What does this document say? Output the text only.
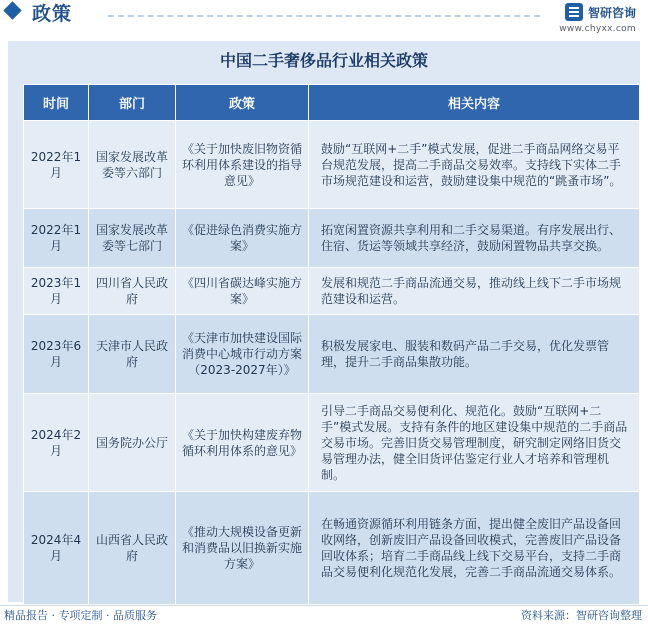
政策	智研咨询
www.chyxx.com
中国二手奢侈品行业相关政策
时间	部门	政策	相关内容
2022年1月	国家发展改革委等六部门	《关于加快废旧物资循环利用体系建设的指导意见》	鼓励“互联网+二手”模式发展，促进二手商品网络交易平台规范发展，提高二手商品交易效率。支持线下实体二手市场规范建设和运营，鼓励建设集中规范的“跳蚤市场”。
2022年1月	国家发展改革委等七部门	《促进绿色消费实施方案》	拓宽闲置资源共享利用和二手交易渠道。有序发展出行、住宿、货运等领域共享经济，鼓励闲置物品共享交换。
2023年1月	四川省人民政府	《四川省碳达峰实施方案》	发展和规范二手商品流通交易，推动线上线下二手市场规范建设和运营。
2023年6月	天津市人民政府	《天津市加快建设国际消费中心城市行动方案（2023-2027年）》	积极发展家电、服装和数码产品二手交易，优化发票管理，提升二手商品集散功能。
2024年2月	国务院办公厅	《关于加快构建废弃物循环利用体系的意见》	引导二手商品交易便利化、规范化。鼓励“互联网+二手”模式发展。支持有条件的地区建设集中规范的二手商品交易市场。完善旧货交易管理制度，研究制定网络旧货交易管理办法，健全旧货评估鉴定行业人才培养和管理机制。
2024年4月	山西省人民政府	《推动大规模设备更新和消费品以旧换新实施方案》	在畅通资源循环利用链条方面，提出健全废旧产品设备回收网络，创新废旧产品设备回收模式，完善废旧产品设备回收体系；培育二手商品线上线下交易平台，支持二手商品交易便利化规范化发展，完善二手商品流通交易体系。
精品报告 · 专项定制 · 品质服务	资料来源：智研咨询整理
